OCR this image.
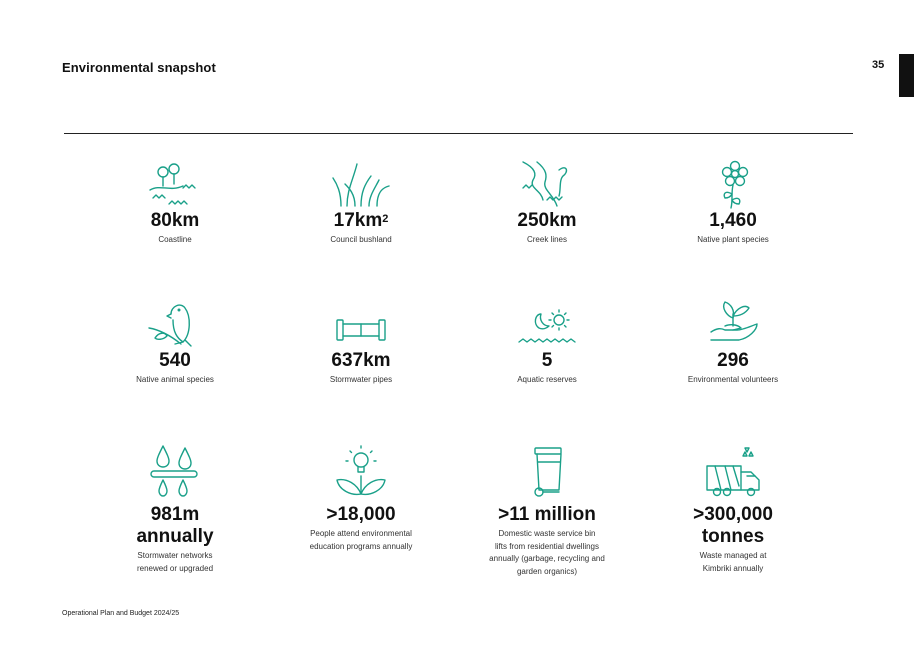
Environmental snapshot	35
80km
Coastline
$17km^2$
Council bushland
250km
Creek lines
1,460
Native plant species
540
Native animal species
637km
Stormwater pipes
5
Aquatic reserves
296
Environmental volunteers
981m
annually
Stormwater networks
renewed or upgraded
>18,000
People attend environmental
education programs annually
>11 million
Domestic waste service bin
lifts from residential dwellings
annually (garbage, recycling and
garden organics)
>300,000
tonnes
Waste managed at
Kimbriki annually
Operational Plan and Budget 2024/25
